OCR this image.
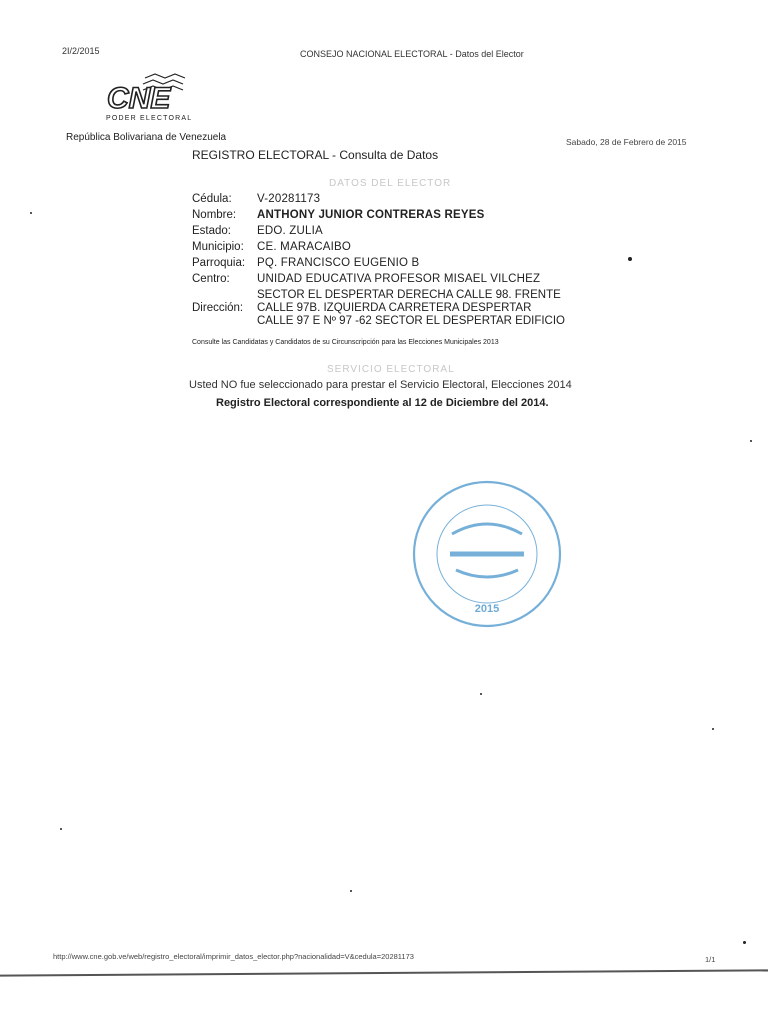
2I/2/2015	CONSEJO NACIONAL ELECTORAL - Datos del Elector
CNE
PODER ELECTORAL
República Bolivariana de Venezuela
REGISTRO ELECTORAL - Consulta de Datos
Sabado, 28 de Febrero de 2015
DATOS DEL ELECTOR
Cédula: V-20281173
Nombre: ANTHONY JUNIOR CONTRERAS REYES
Estado: EDO. ZULIA
Municipio: CE. MARACAIBO
Parroquia: PQ. FRANCISCO EUGENIO B
Centro: UNIDAD EDUCATIVA PROFESOR MISAEL VILCHEZ
Dirección:
SECTOR EL DESPERTAR DERECHA CALLE 98. FRENTE
CALLE 97B. IZQUIERDA CARRETERA DESPERTAR
CALLE 97 E Nº 97 -62 SECTOR EL DESPERTAR EDIFICIO
Consulte las Candidatas y Candidatos de su Circunscripción para las Elecciones Municipales 2013
SERVICIO ELECTORAL
Usted NO fue seleccionado para prestar el Servicio Electoral, Elecciones 2014
Registro Electoral correspondiente al 12 de Diciembre del 2014.
2015
http://www.cne.gob.ve/web/registro_electoral/imprimir_datos_elector.php?nacionalidad=V&cedula=20281173	1/1
